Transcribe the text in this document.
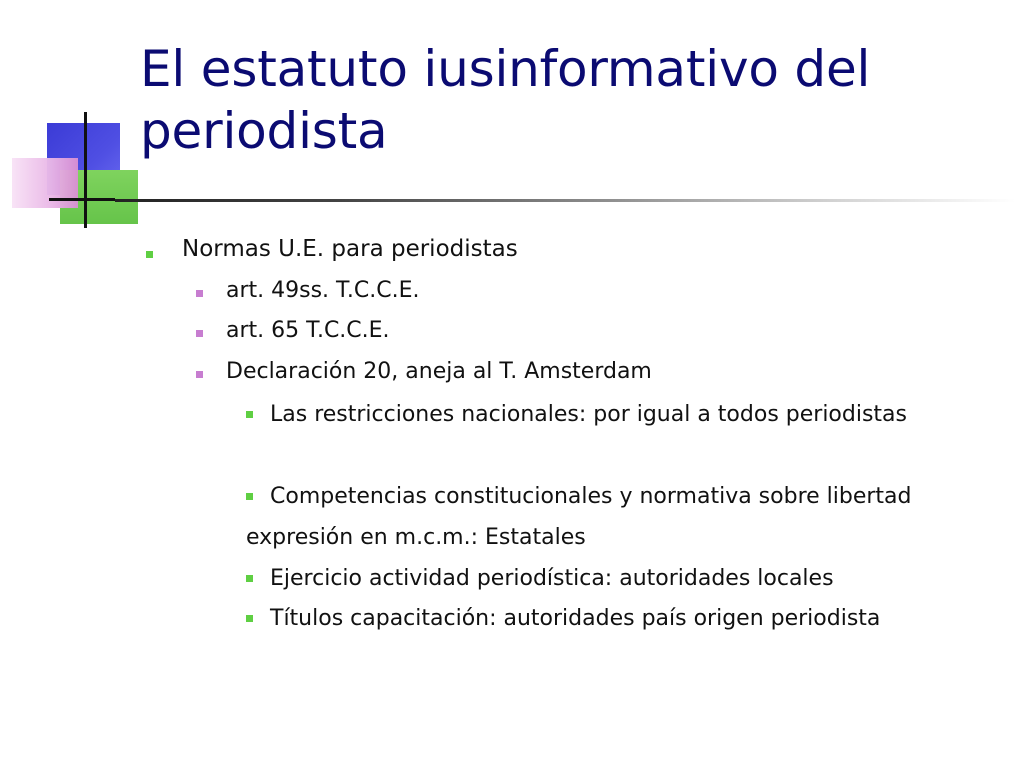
El estatuto iusinformativo del periodista
Normas U.E. para periodistas
art. 49ss. T.C.C.E.
art. 65 T.C.C.E.
Declaración 20, aneja al T. Amsterdam
Las restricciones nacionales: por igual a todos periodistas
Competencias constitucionales y normativa sobre libertad expresión en m.c.m.: Estatales
Ejercicio actividad periodística: autoridades locales
Títulos capacitación: autoridades país origen periodista
